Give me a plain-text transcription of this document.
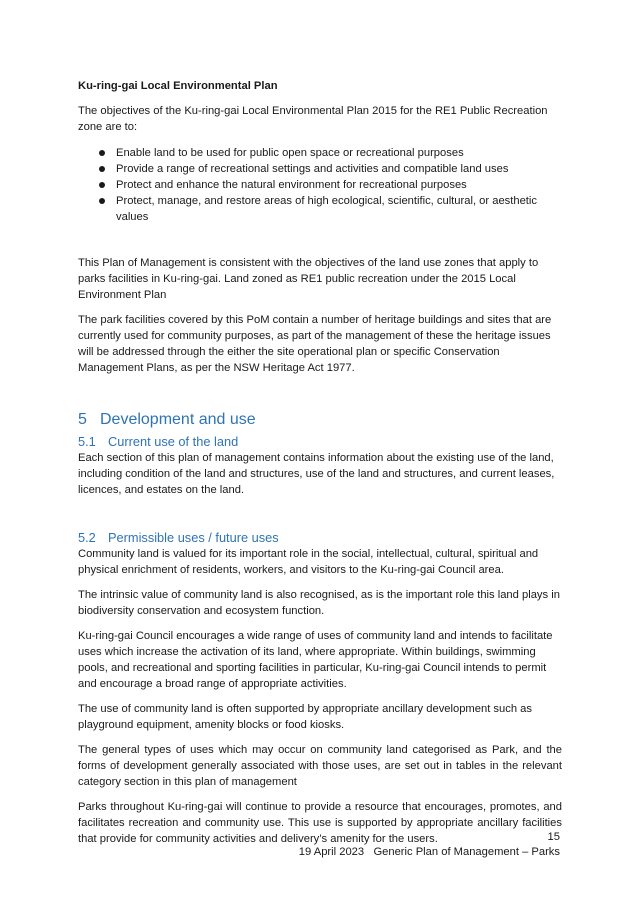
Ku-ring-gai Local Environmental Plan

The objectives of the Ku-ring-gai Local Environmental Plan 2015 for the RE1 Public Recreation zone are to:

Enable land to be used for public open space or recreational purposes
Provide a range of recreational settings and activities and compatible land uses
Protect and enhance the natural environment for recreational purposes
Protect, manage, and restore areas of high ecological, scientific, cultural, or aesthetic values

This Plan of Management is consistent with the objectives of the land use zones that apply to parks facilities in Ku-ring-gai. Land zoned as RE1 public recreation under the 2015 Local Environment Plan

The park facilities covered by this PoM contain a number of heritage buildings and sites that are currently used for community purposes, as part of the management of these the heritage issues will be addressed through the either the site operational plan or specific Conservation Management Plans, as per the NSW Heritage Act 1977.

5 Development and use
5.1 Current use of the land

Each section of this plan of management contains information about the existing use of the land, including condition of the land and structures, use of the land and structures, and current leases, licences, and estates on the land.

5.2 Permissible uses / future uses

Community land is valued for its important role in the social, intellectual, cultural, spiritual and physical enrichment of residents, workers, and visitors to the Ku-ring-gai Council area.

The intrinsic value of community land is also recognised, as is the important role this land plays in biodiversity conservation and ecosystem function.

Ku-ring-gai Council encourages a wide range of uses of community land and intends to facilitate uses which increase the activation of its land, where appropriate. Within buildings, swimming pools, and recreational and sporting facilities in particular, Ku-ring-gai Council intends to permit and encourage a broad range of appropriate activities.

The use of community land is often supported by appropriate ancillary development such as playground equipment, amenity blocks or food kiosks.

The general types of uses which may occur on community land categorised as Park, and the forms of development generally associated with those uses, are set out in tables in the relevant category section in this plan of management

Parks throughout Ku-ring-gai will continue to provide a resource that encourages, promotes, and facilitates recreation and community use. This use is supported by appropriate ancillary facilities that provide for community activities and delivery’s amenity for the users.	15
19 April 2023 Generic Plan of Management – Parks
